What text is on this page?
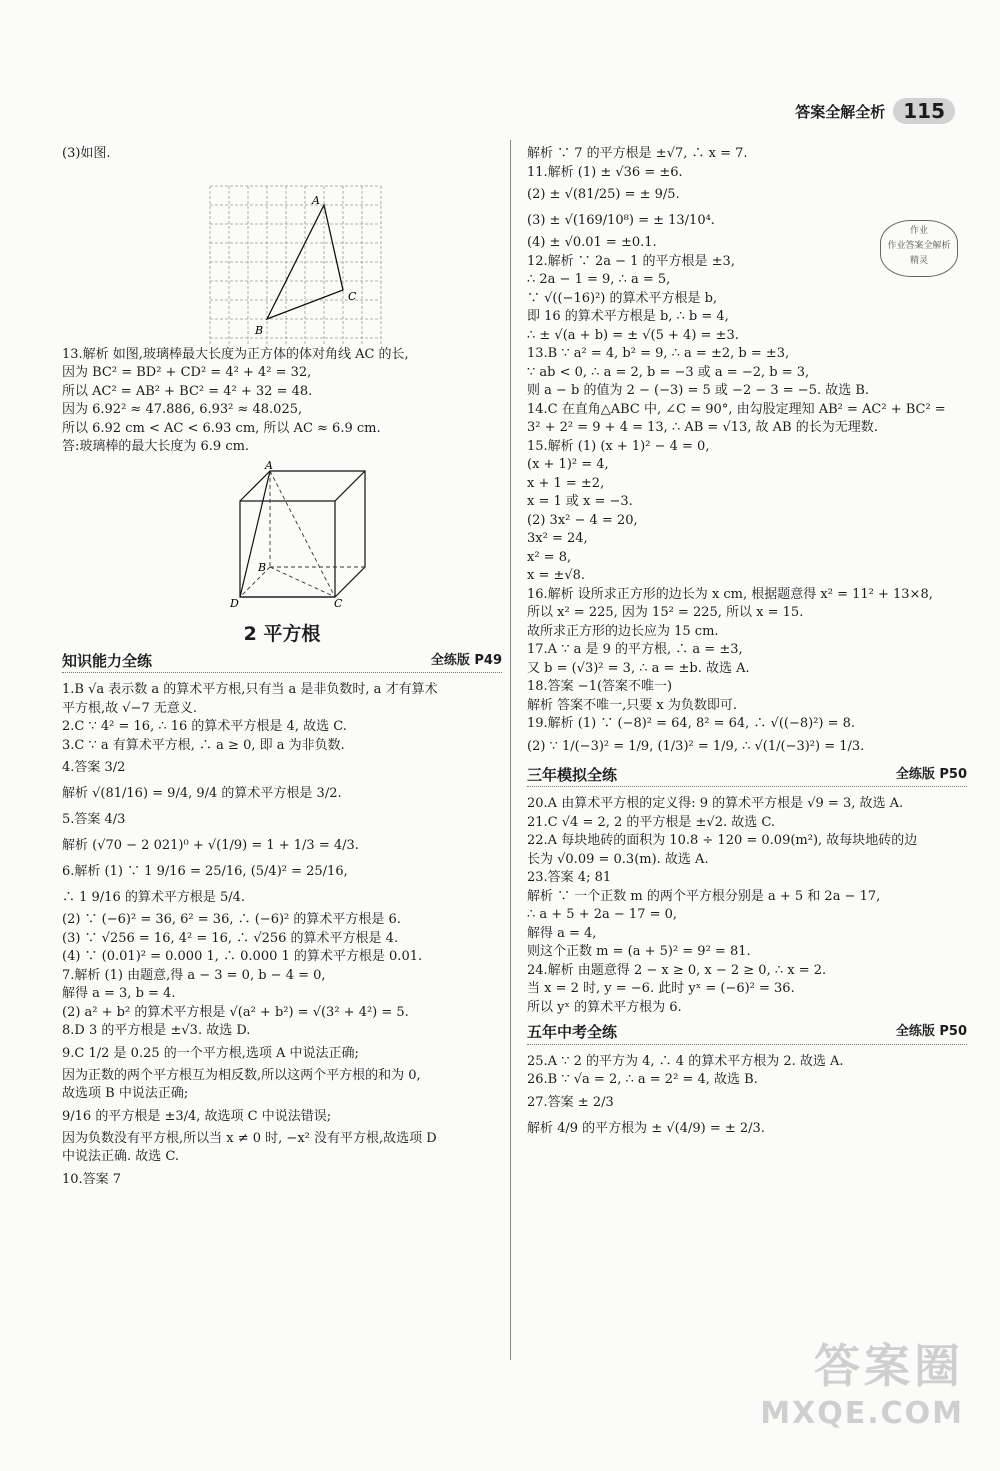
答案全解全析 115
作业
作业答案全解析
精灵

(3)如图.

A
B
C

13.解析 如图,玻璃棒最大长度为正方体的体对角线 AC 的长,

因为 BC² = BD² + CD² = 4² + 4² = 32,

所以 AC² = AB² + BC² = 4² + 32 = 48.

因为 6.92² ≈ 47.886, 6.93² ≈ 48.025,

所以 6.92 cm < AC < 6.93 cm, 所以 AC ≈ 6.9 cm.

答:玻璃棒的最大长度为 6.9 cm.

A
B
D	C
2 平方根
知识能力全练	全练版 P49

1.B √a 表示数 a 的算术平方根,只有当 a 是非负数时, a 才有算术

平方根,故 √−7 无意义.

2.C ∵ 4² = 16, ∴ 16 的算术平方根是 4, 故选 C.

3.C ∵ a 有算术平方根, ∴ a ≥ 0, 即 a 为非负数.

4.答案 3/2

解析 √(81/16) = 9/4, 9/4 的算术平方根是 3/2.

5.答案 4/3

解析 (√70 − 2 021)⁰ + √(1/9) = 1 + 1/3 = 4/3.

6.解析 (1) ∵ 1 9/16 = 25/16, (5/4)² = 25/16,

∴ 1 9/16 的算术平方根是 5/4.

(2) ∵ (−6)² = 36, 6² = 36, ∴ (−6)² 的算术平方根是 6.

(3) ∵ √256 = 16, 4² = 16, ∴ √256 的算术平方根是 4.

(4) ∵ (0.01)² = 0.000 1, ∴ 0.000 1 的算术平方根是 0.01.

7.解析 (1) 由题意,得 a − 3 = 0, b − 4 = 0,

解得 a = 3, b = 4.

(2) a² + b² 的算术平方根是 √(a² + b²) = √(3² + 4²) = 5.

8.D 3 的平方根是 ±√3. 故选 D.

9.C 1/2 是 0.25 的一个平方根,选项 A 中说法正确;

因为正数的两个平方根互为相反数,所以这两个平方根的和为 0,

故选项 B 中说法正确;

9/16 的平方根是 ±3/4, 故选项 C 中说法错误;

因为负数没有平方根,所以当 x ≠ 0 时, −x² 没有平方根,故选项 D

中说法正确. 故选 C.

10.答案 7

解析 ∵ 7 的平方根是 ±√7, ∴ x = 7.

11.解析 (1) ± √36 = ±6.

(2) ± √(81/25) = ± 9/5.

(3) ± √(169/10⁸) = ± 13/10⁴.

(4) ± √0.01 = ±0.1.

12.解析 ∵ 2a − 1 的平方根是 ±3,

∴ 2a − 1 = 9, ∴ a = 5,

∵ √((−16)²) 的算术平方根是 b,

即 16 的算术平方根是 b, ∴ b = 4,

∴ ± √(a + b) = ± √(5 + 4) = ±3.

13.B ∵ a² = 4, b² = 9, ∴ a = ±2, b = ±3,

∵ ab < 0, ∴ a = 2, b = −3 或 a = −2, b = 3,

则 a − b 的值为 2 − (−3) = 5 或 −2 − 3 = −5. 故选 B.

14.C 在直角△ABC 中, ∠C = 90°, 由勾股定理知 AB² = AC² + BC² =

3² + 2² = 9 + 4 = 13, ∴ AB = √13, 故 AB 的长为无理数.

15.解析 (1) (x + 1)² − 4 = 0,

(x + 1)² = 4,

x + 1 = ±2,

x = 1 或 x = −3.

(2) 3x² − 4 = 20,

3x² = 24,

x² = 8,

x = ±√8.

16.解析 设所求正方形的边长为 x cm, 根据题意得 x² = 11² + 13×8,

所以 x² = 225, 因为 15² = 225, 所以 x = 15.

故所求正方形的边长应为 15 cm.

17.A ∵ a 是 9 的平方根, ∴ a = ±3,

又 b = (√3)² = 3, ∴ a = ±b. 故选 A.

18.答案 −1(答案不唯一)

解析 答案不唯一,只要 x 为负数即可.

19.解析 (1) ∵ (−8)² = 64, 8² = 64, ∴ √((−8)²) = 8.

(2) ∵ 1/(−3)² = 1/9, (1/3)² = 1/9, ∴ √(1/(−3)²) = 1/3.

三年模拟全练	全练版 P50

20.A 由算术平方根的定义得: 9 的算术平方根是 √9 = 3, 故选 A.

21.C √4 = 2, 2 的平方根是 ±√2. 故选 C.

22.A 每块地砖的面积为 10.8 ÷ 120 = 0.09(m²), 故每块地砖的边

长为 √0.09 = 0.3(m). 故选 A.

23.答案 4; 81

解析 ∵ 一个正数 m 的两个平方根分别是 a + 5 和 2a − 17,

∴ a + 5 + 2a − 17 = 0,

解得 a = 4,

则这个正数 m = (a + 5)² = 9² = 81.

24.解析 由题意得 2 − x ≥ 0, x − 2 ≥ 0, ∴ x = 2.

当 x = 2 时, y = −6. 此时 yˣ = (−6)² = 36.

所以 yˣ 的算术平方根为 6.

五年中考全练	全练版 P50

25.A ∵ 2 的平方为 4, ∴ 4 的算术平方根为 2. 故选 A.

26.B ∵ √a = 2, ∴ a = 2² = 4, 故选 B.

27.答案 ± 2/3

解析 4/9 的平方根为 ± √(4/9) = ± 2/3.

答案圈
MXQE.COM
